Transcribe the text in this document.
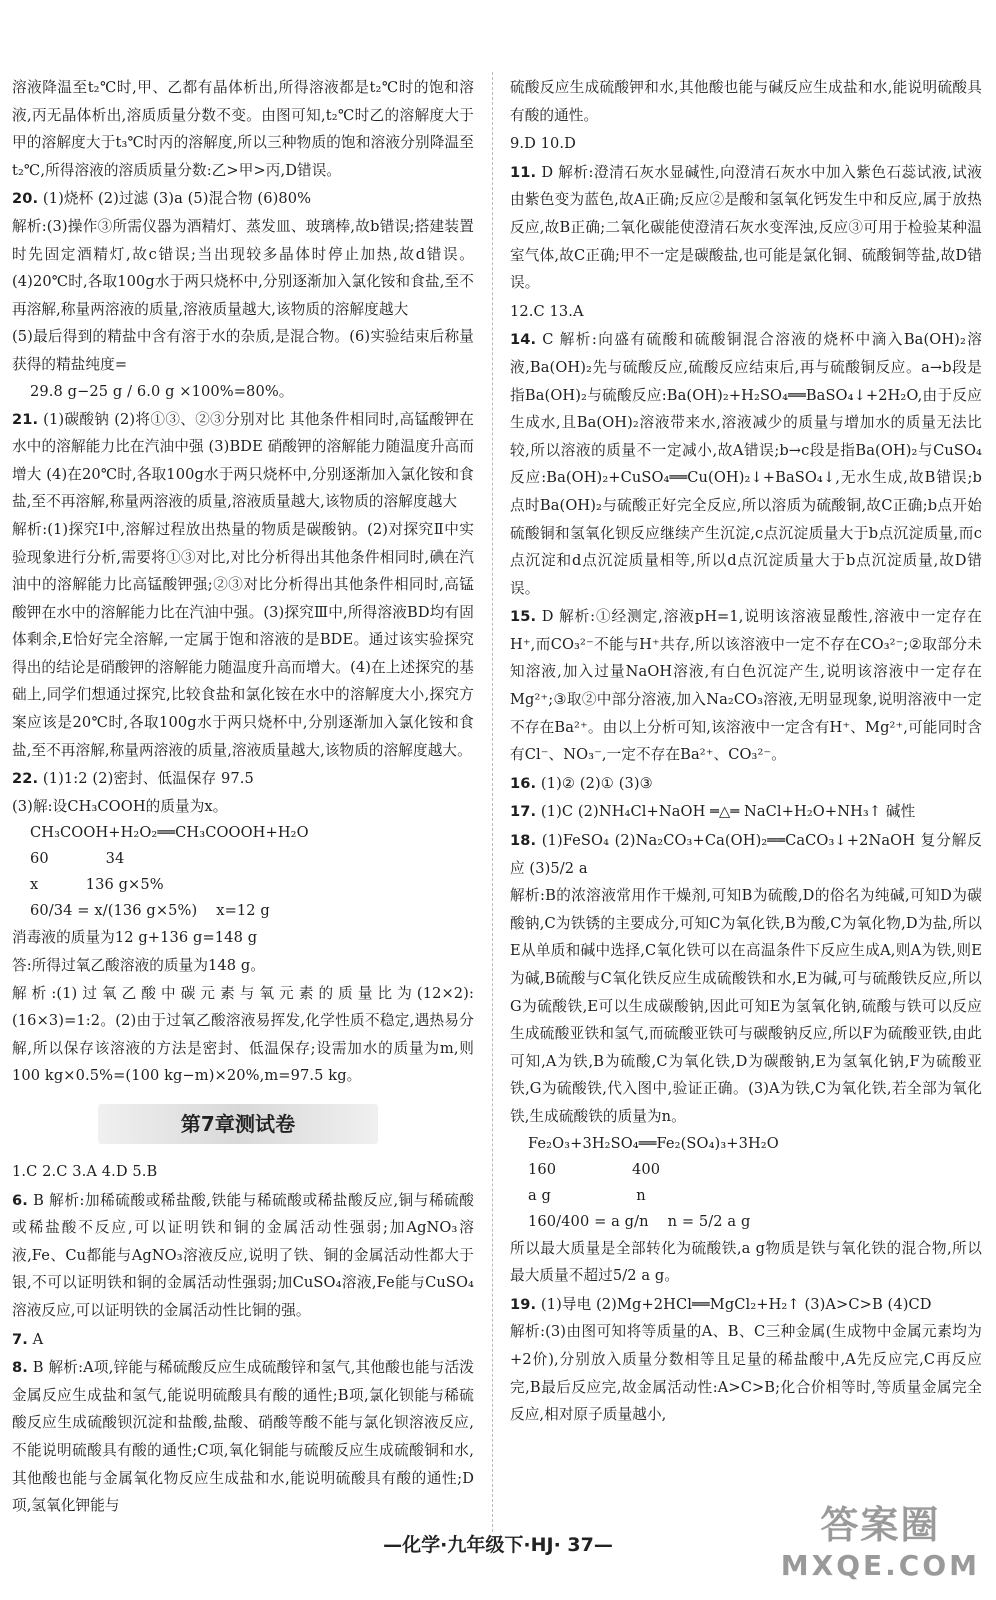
溶液降温至t₂℃时,甲、乙都有晶体析出,所得溶液都是t₂℃时的饱和溶液,丙无晶体析出,溶质质量分数不变。由图可知,t₂℃时乙的溶解度大于甲的溶解度大于t₃℃时丙的溶解度,所以三种物质的饱和溶液分别降温至t₂℃,所得溶液的溶质质量分数:乙>甲>丙,D错误。

20. (1)烧杯 (2)过滤 (3)a (5)混合物 (6)80%

解析:(3)操作③所需仪器为酒精灯、蒸发皿、玻璃棒,故b错误;搭建装置时先固定酒精灯,故c错误;当出现较多晶体时停止加热,故d错误。(4)20℃时,各取100g水于两只烧杯中,分别逐渐加入氯化铵和食盐,至不再溶解,称量两溶液的质量,溶液质量越大,该物质的溶解度越大

(5)最后得到的精盐中含有溶于水的杂质,是混合物。(6)实验结束后称量获得的精盐纯度=

29.8 g−25 g / 6.0 g ×100%=80%。

21. (1)碳酸钠 (2)将①③、②③分别对比 其他条件相同时,高锰酸钾在水中的溶解能力比在汽油中强 (3)BDE 硝酸钾的溶解能力随温度升高而增大 (4)在20℃时,各取100g水于两只烧杯中,分别逐渐加入氯化铵和食盐,至不再溶解,称量两溶液的质量,溶液质量越大,该物质的溶解度越大

解析:(1)探究Ⅰ中,溶解过程放出热量的物质是碳酸钠。(2)对探究Ⅱ中实验现象进行分析,需要将①③对比,对比分析得出其他条件相同时,碘在汽油中的溶解能力比高锰酸钾强;②③对比分析得出其他条件相同时,高锰酸钾在水中的溶解能力比在汽油中强。(3)探究Ⅲ中,所得溶液BD均有固体剩余,E恰好完全溶解,一定属于饱和溶液的是BDE。通过该实验探究得出的结论是硝酸钾的溶解能力随温度升高而增大。(4)在上述探究的基础上,同学们想通过探究,比较食盐和氯化铵在水中的溶解度大小,探究方案应该是20℃时,各取100g水于两只烧杯中,分别逐渐加入氯化铵和食盐,至不再溶解,称量两溶液的质量,溶液质量越大,该物质的溶解度越大。

22. (1)1:2 (2)密封、低温保存 97.5

(3)解:设CH₃COOH的质量为x。

CH₃COOH+H₂O₂══CH₃COOOH+H₂O

60            34

x          136 g×5%

60/34 = x/(136 g×5%)    x=12 g

消毒液的质量为12 g+136 g=148 g

答:所得过氧乙酸溶液的质量为148 g。

解析:(1)过氧乙酸中碳元素与氧元素的质量比为(12×2):(16×3)=1:2。(2)由于过氧乙酸溶液易挥发,化学性质不稳定,遇热易分解,所以保存该溶液的方法是密封、低温保存;设需加水的质量为m,则100 kg×0.5%=(100 kg−m)×20%,m=97.5 kg。

第7章测试卷

1.C 2.C 3.A 4.D 5.B

6. B 解析:加稀硫酸或稀盐酸,铁能与稀硫酸或稀盐酸反应,铜与稀硫酸或稀盐酸不反应,可以证明铁和铜的金属活动性强弱;加AgNO₃溶液,Fe、Cu都能与AgNO₃溶液反应,说明了铁、铜的金属活动性都大于银,不可以证明铁和铜的金属活动性强弱;加CuSO₄溶液,Fe能与CuSO₄溶液反应,可以证明铁的金属活动性比铜的强。

7. A

8. B 解析:A项,锌能与稀硫酸反应生成硫酸锌和氢气,其他酸也能与活泼金属反应生成盐和氢气,能说明硫酸具有酸的通性;B项,氯化钡能与稀硫酸反应生成硫酸钡沉淀和盐酸,盐酸、硝酸等酸不能与氯化钡溶液反应,不能说明硫酸具有酸的通性;C项,氧化铜能与硫酸反应生成硫酸铜和水,其他酸也能与金属氧化物反应生成盐和水,能说明硫酸具有酸的通性;D项,氢氧化钾能与

硫酸反应生成硫酸钾和水,其他酸也能与碱反应生成盐和水,能说明硫酸具有酸的通性。

9.D 10.D

11. D 解析:澄清石灰水显碱性,向澄清石灰水中加入紫色石蕊试液,试液由紫色变为蓝色,故A正确;反应②是酸和氢氧化钙发生中和反应,属于放热反应,故B正确;二氧化碳能使澄清石灰水变浑浊,反应③可用于检验某种温室气体,故C正确;甲不一定是碳酸盐,也可能是氯化铜、硫酸铜等盐,故D错误。

12.C 13.A

14. C 解析:向盛有硫酸和硫酸铜混合溶液的烧杯中滴入Ba(OH)₂溶液,Ba(OH)₂先与硫酸反应,硫酸反应结束后,再与硫酸铜反应。a→b段是指Ba(OH)₂与硫酸反应:Ba(OH)₂+H₂SO₄══BaSO₄↓+2H₂O,由于反应生成水,且Ba(OH)₂溶液带来水,溶液减少的质量与增加水的质量无法比较,所以溶液的质量不一定减小,故A错误;b→c段是指Ba(OH)₂与CuSO₄反应:Ba(OH)₂+CuSO₄══Cu(OH)₂↓+BaSO₄↓,无水生成,故B错误;b点时Ba(OH)₂与硫酸正好完全反应,所以溶质为硫酸铜,故C正确;b点开始硫酸铜和氢氧化钡反应继续产生沉淀,c点沉淀质量大于b点沉淀质量,而c点沉淀和d点沉淀质量相等,所以d点沉淀质量大于b点沉淀质量,故D错误。

15. D 解析:①经测定,溶液pH=1,说明该溶液显酸性,溶液中一定存在H⁺,而CO₃²⁻不能与H⁺共存,所以该溶液中一定不存在CO₃²⁻;②取部分未知溶液,加入过量NaOH溶液,有白色沉淀产生,说明该溶液中一定存在Mg²⁺;③取②中部分溶液,加入Na₂CO₃溶液,无明显现象,说明溶液中一定不存在Ba²⁺。由以上分析可知,该溶液中一定含有H⁺、Mg²⁺,可能同时含有Cl⁻、NO₃⁻,一定不存在Ba²⁺、CO₃²⁻。

16. (1)② (2)① (3)③

17. (1)C (2)NH₄Cl+NaOH ═△═ NaCl+H₂O+NH₃↑ 碱性

18. (1)FeSO₄ (2)Na₂CO₃+Ca(OH)₂══CaCO₃↓+2NaOH 复分解反应 (3)5/2 a

解析:B的浓溶液常用作干燥剂,可知B为硫酸,D的俗名为纯碱,可知D为碳酸钠,C为铁锈的主要成分,可知C为氧化铁,B为酸,C为氧化物,D为盐,所以E从单质和碱中选择,C氧化铁可以在高温条件下反应生成A,则A为铁,则E为碱,B硫酸与C氧化铁反应生成硫酸铁和水,E为碱,可与硫酸铁反应,所以G为硫酸铁,E可以生成碳酸钠,因此可知E为氢氧化钠,硫酸与铁可以反应生成硫酸亚铁和氢气,而硫酸亚铁可与碳酸钠反应,所以F为硫酸亚铁,由此可知,A为铁,B为硫酸,C为氧化铁,D为碳酸钠,E为氢氧化钠,F为硫酸亚铁,G为硫酸铁,代入图中,验证正确。(3)A为铁,C为氧化铁,若全部为氧化铁,生成硫酸铁的质量为n。

Fe₂O₃+3H₂SO₄══Fe₂(SO₄)₃+3H₂O

160                400

a g                  n

160/400 = a g/n    n = 5/2 a g

所以最大质量是全部转化为硫酸铁,a g物质是铁与氧化铁的混合物,所以最大质量不超过5/2 a g。

19. (1)导电 (2)Mg+2HCl══MgCl₂+H₂↑ (3)A>C>B (4)CD

解析:(3)由图可知将等质量的A、B、C三种金属(生成物中金属元素均为+2价),分别放入质量分数相等且足量的稀盐酸中,A先反应完,C再反应完,B最后反应完,故金属活动性:A>C>B;化合价相等时,等质量金属完全反应,相对原子质量越小,

—化学·九年级下·HJ· 37—	答案圈
MXQE.COM
